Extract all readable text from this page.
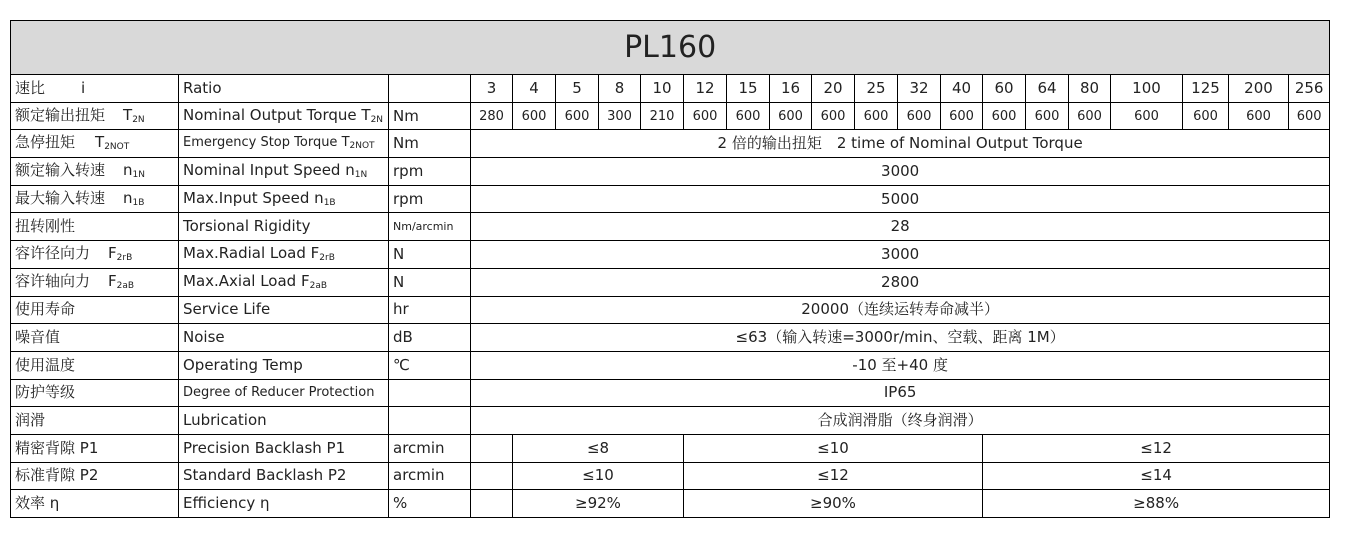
PL160																					
速比 i	Ratio		3	4	5	8	10	12	15	16	20	25	32	40	60	64	80	100	125	200	256
额定输出扭矩 $T_{2N}$	Nominal Output Torque $T_{2N}$	Nm	280	600	600	300	210	600	600	600	600	600	600	600	600	600	600	600	600	600	600
急停扭矩 $T_{2NOT}$	Emergency Stop Torque $T_{2NOT}$	Nm	2 倍的输出扭矩　2 time of Nominal Output Torque																		
额定输入转速 $n_{1N}$	Nominal Input Speed $n_{1N}$	rpm	3000																		
最大输入转速 $n_{1B}$	Max.Input Speed $n_{1B}$	rpm	5000																		
扭转刚性	Torsional Rigidity	Nm/arcmin	28																		
容许径向力 $F_{2rB}$	Max.Radial Load $F_{2rB}$	N	3000																		
容许轴向力 $F_{2aB}$	Max.Axial Load $F_{2aB}$	N	2800																		
使用寿命	Service Life	hr	20000（连续运转寿命减半）																		
噪音值	Noise	dB	≤63（输入转速=3000r/min、空载、距离 1M）																		
使用温度	Operating Temp	℃	-10 至+40 度																		
防护等级	Degree of Reducer Protection		IP65																		
润滑	Lubrication		合成润滑脂（终身润滑）																		
精密背隙 P1	Precision Backlash P1	arcmin		≤8				≤10							≤12						
标准背隙 P2	Standard Backlash P2	arcmin		≤10				≤12							≤14						
效率 η	Efficiency η	%		≥92%				≥90%							≥88%						
